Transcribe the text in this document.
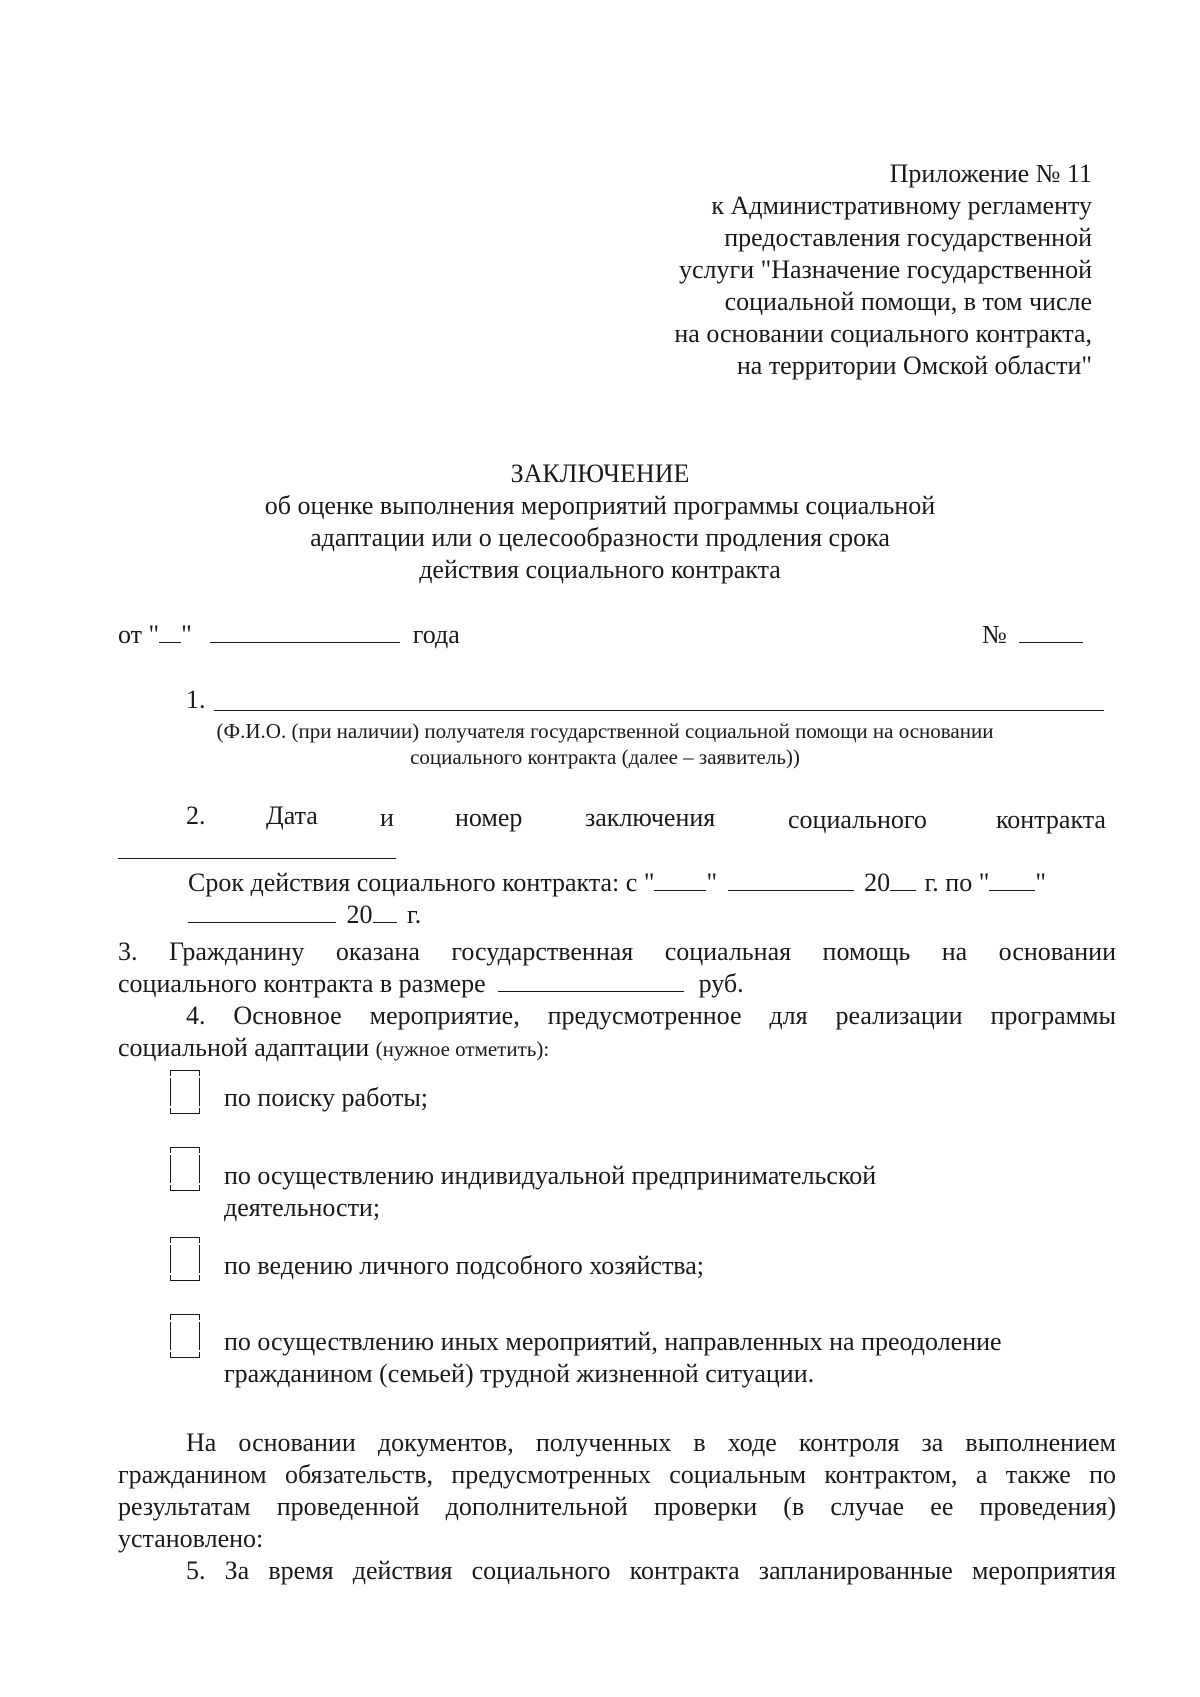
Приложение № 11
к Административному регламенту
предоставления государственной
услуги "Назначение государственной
социальной помощи, в том числе
на основании социального контракта,
на территории Омской области"
ЗАКЛЮЧЕНИЕ
об оценке выполнения мероприятий программы социальной
адаптации или о целесообразности продления срока
действия социального контракта
от " "	года	№
1.
(Ф.И.О. (при наличии) получателя государственной социальной помощи на основании
социального контракта (далее – заявитель))
2. Дата и номер заключения	социального	контракта
Срок действия социального контракта: с " "	20 г. по " "
20 г.
3. Гражданину оказана государственная социальная помощь на основании
социального контракта в размере	руб.
4. Основное мероприятие, предусмотренное для реализации программы
социальной адаптации (нужное отметить):
по поиску работы;
по осуществлению индивидуальной предпринимательской
деятельности;
по ведению личного подсобного хозяйства;
по осуществлению иных мероприятий, направленных на преодоление
гражданином (семьей) трудной жизненной ситуации.
На основании документов, полученных в ходе контроля за выполнением
гражданином обязательств, предусмотренных социальным контрактом, а также по
результатам проведенной дополнительной проверки (в случае ее проведения)
установлено:
5. За время действия социального контракта запланированные мероприятия
